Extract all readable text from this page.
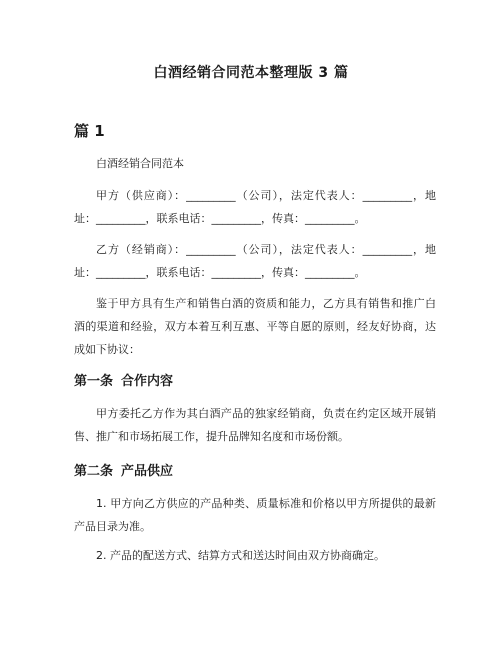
白酒经销合同范本整理版 3 篇
篇 1

白酒经销合同范本

甲方（供应商）：_________（公司），法定代表人：_________，地址：_________，联系电话：_________，传真：_________。

乙方（经销商）：_________（公司），法定代表人：_________，地址：_________，联系电话：_________，传真：_________。

鉴于甲方具有生产和销售白酒的资质和能力，乙方具有销售和推广白酒的渠道和经验，双方本着互利互惠、平等自愿的原则，经友好协商，达成如下协议：

第一条 合作内容

甲方委托乙方作为其白酒产品的独家经销商，负责在约定区域开展销售、推广和市场拓展工作，提升品牌知名度和市场份额。

第二条 产品供应

1. 甲方向乙方供应的产品种类、质量标准和价格以甲方所提供的最新产品目录为准。

2. 产品的配送方式、结算方式和送达时间由双方协商确定。
